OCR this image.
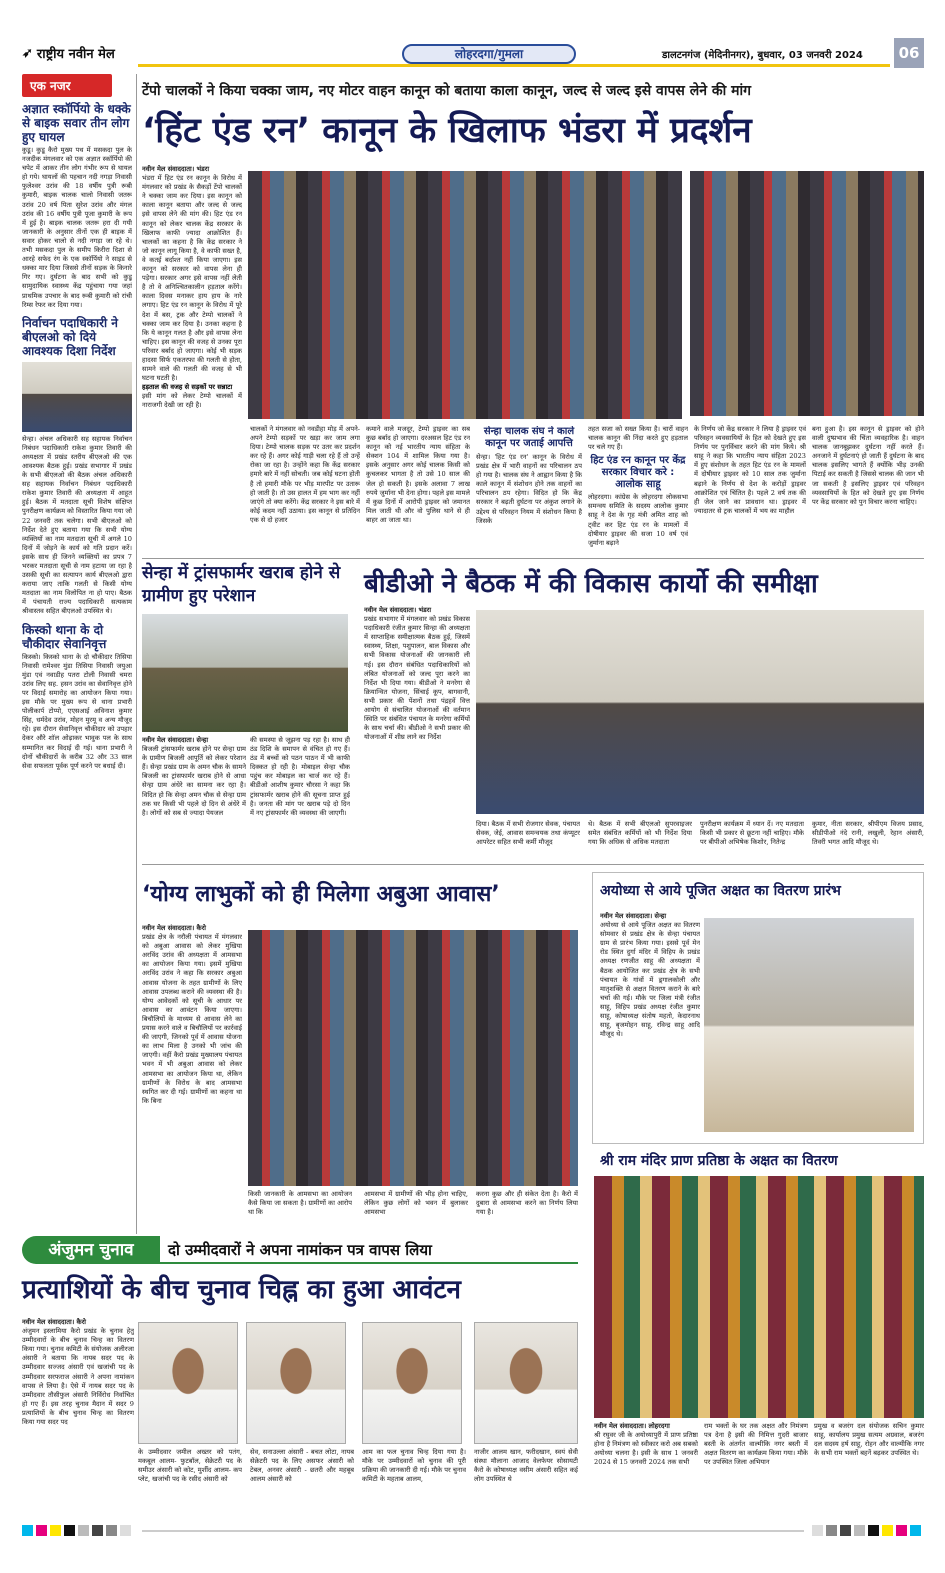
➶ राष्ट्रीय नवीन मेल	लोहरदगा/गुमला	डालटनगंज (मेदिनीनगर), बुधवार, 03 जनवरी 2024	06
एक नजर
अज्ञात स्कॉर्पियो के धक्के से बाइक सवार तीन लोग हुए घायल
कुडू़। कुडू़ कैरो मुख्य पथ में मसकदा पुल के नजदीक मंगलवार को एक अज्ञात स्कॉर्पियो की चपेट में आकर तीन लोग गंभीर रूप से घायल हो गये। घायलों की पहचान नदी नगड़ा निवासी फुलेश्वर उरांव की 18 वर्षीय पुत्री रूबी कुमारी, बाइक चालक चालो निवासी जतरू उरांव 20 वर्ष पिता सुरेश उरांव और मंगल उरांव की 16 वर्षीय पुत्री पूजा कुमारी के रूप में हुई है। बाइक चालक जतरू हरा दी गयी जानकारी के अनुसार तीनों एक ही बाइक में सवार होकर चालो से नदी नगड़ा जा रहे थे। तभी मसकदा पुल के समीप किरीरा दिशा से आरहे सफेद रंग के एक स्कॉर्पियो ने साइड से धक्का मार दिया जिससे तीनों सड़क के किनारे गिर गए। दुर्घटना के बाद सभी को कुडू़ सामुदायिक स्वास्थ्य केंद्र पहुंचाया गया जहां प्राथमिक उपचार के बाद रूबी कुमारी को रांची रिम्स रेफर कर दिया गया।
निर्वाचन पदाधिकारी ने बीएलओ को दिये आवश्यक दिशा निर्देश
सेन्हा। अंचल अधिकारी सह सहायक निर्वाचन निबंधन पदाधिकारी राकेश कुमार तिवारी की अध्यक्षता में प्रखंड स्तरीय बीएलओ की एक आवश्यक बैठक हुई। प्रखंड सभागार में प्रखंड के सभी बीएलओ की बैठक अंचल अधिकारी सह सहायक निर्वाचन निबंधन पदाधिकारी राकेश कुमार तिवारी की अध्यक्षता में आहूत हुई। बैठक में मतदाता सूची विशेष संक्षिप्त पुनरीक्षण कार्यक्रम को विस्तारित किया गया जो 22 जनवरी तक चलेगा। सभी बीएलओ को निर्देश देते हुए बताया गया कि सभी योग्य व्यक्तियों का नाम मतदाता सूची में अगले 10 दिनों में जोड़ने के कार्य को गति प्रदान करें। इसके साथ ही जिनने व्यक्तियों का प्रपत्र 7 भरकर मतदाता सूची से नाम हटाया जा रहा है उसकी सूची का सत्यापन कार्य बीएलओ द्वारा कराया जाए ताकि गलती से किसी योग्य मतदाता का नाम विलोपित ना हो पाए। बैठक में पंचायती राज्य पदाधिकारी सत्यकाम श्रीवास्तव सहित बीएलओ उपस्थित थे।
किस्को थाना के दो चौकीदार सेवानिवृत्त
किस्को। किस्को थाना के दो चौकीदार तिसिया निवासी रामेश्वर मुंडा तिसिया निवासी जयुआ मुंडा एवं नवाडीह पतरा टोली निवासी चमरा उरांव लिए सह. हसन उरांव का सेवानिवृत्त होने पर विदाई समारोह का आयोजन किया गया। इस मौके पर मुख्य रूप से थाना प्रभारी पोलीकार्प टोप्पो, एएसआई अविनाश कुमार सिंह, धर्मदेव उरांव, मोहन मुरमू व अन्य मौजूद रहे। इस दौरान सेवानिवृत्त चौकीदार को उपहार देकर औरे शॉल ओढ़ाकर भावुक पल के साथ सम्मानित कर विदाई दी गई। थाना प्रभारी ने दोनों चौकीदारों के करीब 32 और 33 साल सेवा सफलता पूर्वक पूर्ण करने पर बधाई दी।
टेंपो चालकों ने किया चक्का जाम, नए मोटर वाहन कानून को बताया काला कानून, जल्द से जल्द इसे वापस लेने की मांग
‘हिंट एंड रन’ कानून के खिलाफ भंडरा में प्रदर्शन
नवीन मेल संवाददाता। भंडरा
भंडरा में हिट एंड रन कानून के विरोध में मंगलवार को प्रखंड के सैकड़ों टेंपो चालकों ने चक्का जाम कर दिया। इस कानून को काला कानून बताया और जल्द से जल्द इसे वापस लेने की मांग की। हिट एंड रन कानून को लेकर चालक केंद्र सरकार के खिलाफ काफी ज्यादा आक्रोशित हैं। चालकों का कहना है कि केंद्र सरकार ने जो कानून लागू किया है, वे काफी सख्त है, वे कतई बर्दाश्त नहीं किया जाएगा। इस कानून को सरकार को वापस लेना ही पड़ेगा। सरकार अगर इसे वापस नहीं लेती है तो वे अनिश्चितकालीन हड़ताल करेंगे। काला दिवस मनाकर हाय हाय के नारे लगाए। हिट एंड रन कानून के विरोध में पूरे देश में बस, ट्रक और टेम्पो चालकों ने चक्का जाम कर दिया है। उनका कहना है कि ये कानून गलत है और इसे वापस लेना चाहिए। इस कानून की वजह से उनका पूरा परिवार बर्बाद हो जाएगा। कोई भी सड़क हादसा सिर्फ एकतरफा की गलती से होता, सामने वाले की गलती की वजह से भी घटना घटती है।
हड़ताल की वजह से सड़कों पर सन्नाटा
इसी मांग को लेकर टेम्पो चालकों में नाराजगी देखी जा रही है।
चालकों ने मंगलवार को नवडीहा मोड़ में अपने-अपने टेम्पो सड़कों पर खड़ा कर जाम लगा दिया। टेम्पो चालक सड़क पर उतर कर प्रदर्शन कर रहे हैं। अगर कोई गाड़ी चला रहे हैं तो उन्हें रोका जा रहा है। उन्होंने कहा कि केंद्र सरकार हमारे बारे में नहीं सोचती। जब कोई घटना होती है तो हमारी मौके पर भीड़ मारपीट पर उतारू हो जाती है। तो उस हालत में हम भाग कर नहीं जाएंगे तो क्या करेंगे। केंद्र सरकार ने इस बारे में कोई कदम नहीं उठाया। इस कानून से प्रतिदिन एक से दो हजार
कमाने वाले मजदूर, टेम्पो ड्राइवर का सब कुछ बर्बाद हो जाएगा। दरअसल हिट एंड रन कानून को नई भारतीय न्याय संहिता के सेक्शन 104 में शामिल किया गया है। इसके अनुसार अगर कोई चालक किसी को कुचलकर भागता है तो उसे 10 साल की जेल हो सकती है। इसके अलावा 7 लाख रुपये जुर्माना भी देना होगा। पहले इस मामले में कुछ दिनों में आरोपी ड्राइवर को जमानत मिल जाती थी और वो पुलिस थाने से ही बाहर आ जाता था।
सेन्हा चालक संघ ने काले कानून पर जताई आपत्ति
सेन्हा। 'हिट एंड रन' कानून के विरोध में प्रखंड क्षेत्र में भारी वाहनों का परिचालन ठप हो गया है। चालक संघ ने आह्वान किया है कि काले कानून में संशोधन होने तक वाहनों का परिचालन ठप रहेगा। विदित हो कि केंद्र सरकार ने बढ़ती दुर्घटना पर अंकुश लगाने के उद्देश्य से परिवहन नियम में संशोधन किया है जिसके
तहत सजा को सख्त किया है। चारों वाहन चालक कानून की निंदा करते हुए हड़ताल पर चले गए हैं।
हिट एंड रन कानून पर केंद्र सरकार विचार करे : आलोक साहू
लोहरदगा। कांग्रेस के लोहरदगा लोकसभा समन्वय समिति के सदस्य आलोक कुमार साहू ने देश के गृह मंत्री अमित शाह को ट्वीट कर हिट एंड रन के मामलों में दोषीयार ड्राइवर की सजा 10 वर्ष एवं जुर्माना बढ़ाने
के निर्णय जो केंद्र सरकार ने लिया है ड्राइवर एवं परिवहन व्यवसायियों के हित को देखते हुए इस निर्णय पर पुनर्विचार करने की मांग किये। श्री साहू ने कहा कि भारतीय न्याय संहिता 2023 में हुए संशोधन के तहत हिट एंड रन के मामलों में दोषीयार ड्राइवर को 10 साल तक जुर्माना बढ़ाने के निर्णय से देश के करोड़ों ड्राइवर आक्रोशित एवं चिंतित है। पहले 2 वर्ष तक की ही जेल जाने का प्रावधान था। ड्राइवर में ज्यादातर से ट्रक चालकों में भय का माहौल
बना हुआ है। इस कानून से ड्राइवर को होने वाली दुष्प्रभाव की चिंता व्यवहारिक है। वाहन चालक जानबूझकर दुर्घटना नहीं करते हैं। अनजाने में दुर्घटनाएं हो जाती हैं दुर्घटना के बाद चालक इसलिए भागते हैं क्योंकि भीड़ उनकी पिटाई कर सकती है जिससे चालक की जान भी जा सकती है इसलिए ड्राइवर एवं परिवहन व्यवसायियों के हित को देखते हुए इस निर्णय पर केंद्र सरकार को पुन विचार करना चाहिए।
सेन्हा में ट्रांसफार्मर खराब होने से ग्रामीण हुए परेशान
नवीन मेल संवाददाता। सेन्हा
बिजली ट्रांसफार्मर खराब होने पर सेन्हा ग्राम के ग्रामीण बिजली आपूर्ति को लेकर परेशान हैं। सेन्हा प्रखंड ग्राम के अमन चौक के सामने बिजली का ट्रांसफार्मर खराब होने से आधा सेन्हा ग्राम अंधेरे का सामना कर रहा है। विदित हो कि सेन्हा अमन चौक से सेन्हा ग्राम तक घर किसी भी पहले दो दिन से अंधेरे में है। लोगों को सब से ज्यादा पेयजल
की समस्या से जूझना पड़ रहा है। साथ ही ठंड दिशि के समापन से वंचित हो गए हैं। ठंड में बच्चों को पठन पाठन में भी काफी दिक्कत हो रही है। मोबाइल सेन्हा चौक पहुंच कर मोबाइल का चार्ज कर रहे हैं। बीडीओ आशीष कुमार चौरसा ने कहा कि ट्रांसफार्मर खराब होने की सूचना प्राप्त हुई है। जनता की मांग पर खराब पड़े दो दिन में नए ट्रांसफार्मर की व्यवस्था की जाएगी।
बीडीओ ने बैठक में की विकास कार्यो की समीक्षा
नवीन मेल संवाददाता। भंडरा
प्रखंड सभागार में मंगलवार को प्रखंड विकास पदाधिकारी रंजीत कुमार सिन्हा की अध्यक्षता में साप्ताहिक समीक्षात्मक बैठक हुई, जिसमें स्वास्थ्य, शिक्षा, पशुपालन, बाल विकास और सभी विकास योजनाओं की जानकारी ली गई। इस दौरान संबंधित पदाधिकारियों को लंबित योजनाओं को जल्द पूरा करने का निर्देश भी दिया गया। बीडीओ ने मनरेगा से क्रियान्वित योजना, सिंचाई कूप, बागवानी, सभी प्रकार की पेंशनों तथा पंद्रहवें वित्त आयोग से संचालित योजनाओं की वर्तमान स्थिति पर संबंधित पंचायत के मनरेगा कर्मियों के साथ चर्चा की। बीडीओ ने सभी प्रकार की योजनाओं में शीघ्र लाने का निर्देश
दिया। बैठक में सभी रोजगार सेवक, पंचायत सेवक, जेई, आवास समन्वयक तथा कंप्यूटर आपरेटर सहित सभी कर्मी मौजूद
थे। बैठक में सभी बीएलओ सुपरवाइजर समेत संबंधित कर्मियों को भी निर्देश दिया गया कि अधिक से अधिक मतदाता
पुनरीक्षण कार्यक्रम में ध्यान दें। नए मतदाता किसी भी प्रकार से छूटना नहीं चाहिए। मौके पर बीपीओ अभिषेक किशोर, नितेन्द्र
कुमार, नीता सरकार, श्रीपीएम विजय प्रसाद, सीडीपीओ नंदे रानी, लखुली, रेहान अंसारी, तिवरी भगत आदि मौजूद थे।
‘योग्य लाभुकों को ही मिलेगा अबुआ आवास’
नवीन मेल संवाददाता। कैरो
प्रखंड क्षेत्र के नरौली पंचायत में मंगलवार को अबुआ आवास को लेकर मुखिया अरविंद उरांव की अध्यक्षता में आमसभा का आयोजन किया गया। इसमें मुखिया अरविंद उरांव ने कहा कि सरकार अबुआ आवास योजना के तहत ग्रामीणों के लिए आवास उपलब्ध कराने की व्यवस्था की है। योग्य आवेदकों को सूची के आधार पर आवास का आवंटन किया जाएगा। बिचौलियों के माध्यम से आवास लेने का प्रयास करने वाले व बिचौलियों पर कार्रवाई की जाएगी, जिनको पूर्व में आवास योजना का लाभ मिला है उनको भी जांच की जाएगी। वहीं कैरो प्रखंड मुख्यालय पंचायत भवन में भी अबुआ आवास को लेकर आमसभा का आयोजन किया था, लेकिन ग्रामीणों के विरोध के बाद आमसभा स्थगित कर दी गई। ग्रामीणों का कहना था कि बिना
किसी जानकारी के आमसभा का आयोजन कैसे किया जा सकता है। ग्रामीणों का आरोप था कि
आमसभा में ग्रामीणों की भीड़ होना चाहिए, लेकिन कुछ लोगों को भवन में बुलाकर आमसभा
करना कुछ और ही संकेत देता है। कैरो में दुबारा से आमसभा करने का निर्णय लिया गया है।
अयोध्या से आये पूजित अक्षत का वितरण प्रारंभ
नवीन मेल संवाददाता। सेन्हा
अयोध्या से आये पूजित अक्षत का वितरण सोमवार से प्रखंड क्षेत्र के सेन्हा पंचायत ग्राम से प्रारंभ किया गया। इससे पूर्व मेन रोड स्थित दुर्गा मंदिर में विहिप के प्रखंड अध्यक्ष रणजीत साहू की अध्यक्षता में बैठक आयोजित कर प्रखंड क्षेत्र के सभी पंचायत के गांवों में ढ़्गालकोली और मातृशक्ति से अक्षत वितरण कराने के बारे चर्चा की गई। मौके पर जिला मंत्री रंजीत साहू, विहिप प्रखंड अध्यक्ष रंजीत कुमार साहू, कोषाध्यक्ष संतोष महतो, केदारनाथ साहू, बृजमोहन साहू, रविन्द्र साहू आदि मौजूद थे।
श्री राम मंदिर प्राण प्रतिष्ठा के अक्षत का वितरण
नवीन मेल संवाददाता। लोहरदगा
श्री रघुवर जी के अयोध्यापुरी में प्राण प्रतिष्ठा होना है निमंत्रण को स्वीकार करो अब सबको अयोध्या चलना है। इसी के साथ 1 जनवरी 2024 से 15 जनवरी 2024 तक सभी
राम भक्तों के घर तक अक्षत और निमंत्रण पत्र देना है इसी की निमित्त गुदरी बाजार बस्ती के अंतर्गत वाल्मीकि नगर बस्ती में अक्षत वितरण का कार्यक्रम किया गया। मौके पर उपस्थित जिला अभियान
प्रमुख व बजरंग दल संयोजक सचिन कुमार साहू, कार्यालय प्रमुख सत्यम अग्रवाल, बजरंग दल सदस्य हर्ष साहू, रोहन और वाल्मीकि नगर के सभी राम भक्तों बहनें बढ़कर उपस्थित थे।
अंजुमन चुनाव	दो उम्मीदवारों ने अपना नामांकन पत्र वापस लिया
प्रत्याशियों के बीच चुनाव चिह्न का हुआ आवंटन
नवीन मेल संवाददाता। कैरो
अंजुमन इस्लामिया कैरो प्रखंड के चुनाव हेतु उम्मीदवारों के बीच चुनाव चिन्ह का वितरण किया गया। चुनाव कमिटी के संयोजक अलीरजा अंसारी ने बताया कि नायब सदर पद के उम्मीदवार सज्जद अंसारी एवं खजांची पद के उम्मीदवार सरफराज अंसारी ने अपना नामांकन वापस ले लिया है। ऐसे में नायब सदर पद के उम्मीदवार तौसीफुल अंसारी निर्विरोध निर्वाचित हो गए हैं। इस तरह चुनाव मैदान में सदर 9 प्रत्याशियों के बीच चुनाव चिन्ह का वितरण किया गया सदर पद
के उम्मीदवार जमील अख्तर को पतंग, मकबूल आलम- फुटबॉल, सेक्रेटरी पद के समीउर अंसारी को कोट, मुर्शीद आलम- कप प्लेट, खजांची पद के रसीद अंसारी को
सेव, सनाउल्ला अंसारी - बचत लोटा, नायब सेक्रेटरी पद के लिए असफर अंसारी को टेबल, अनवर अंसारी - छतरी और महबूब आलम अंसारी को
आम का फल चुनाव चिन्ह दिया गया है। मौके पर उम्मीदवारों को चुनाव की पूरी प्रक्रिया की जानकारी दी गई। मौके पर चुनाव कमिटी के महताब आलम,
नाजीर आलम खान, फरीदखान, स्वयं सेवी संस्था मौलाना आजाद वेलफेयर सोसायटी कैरो के कोषाध्यक्ष वसीम अंसारी सहित कई लोग उपस्थित थे
